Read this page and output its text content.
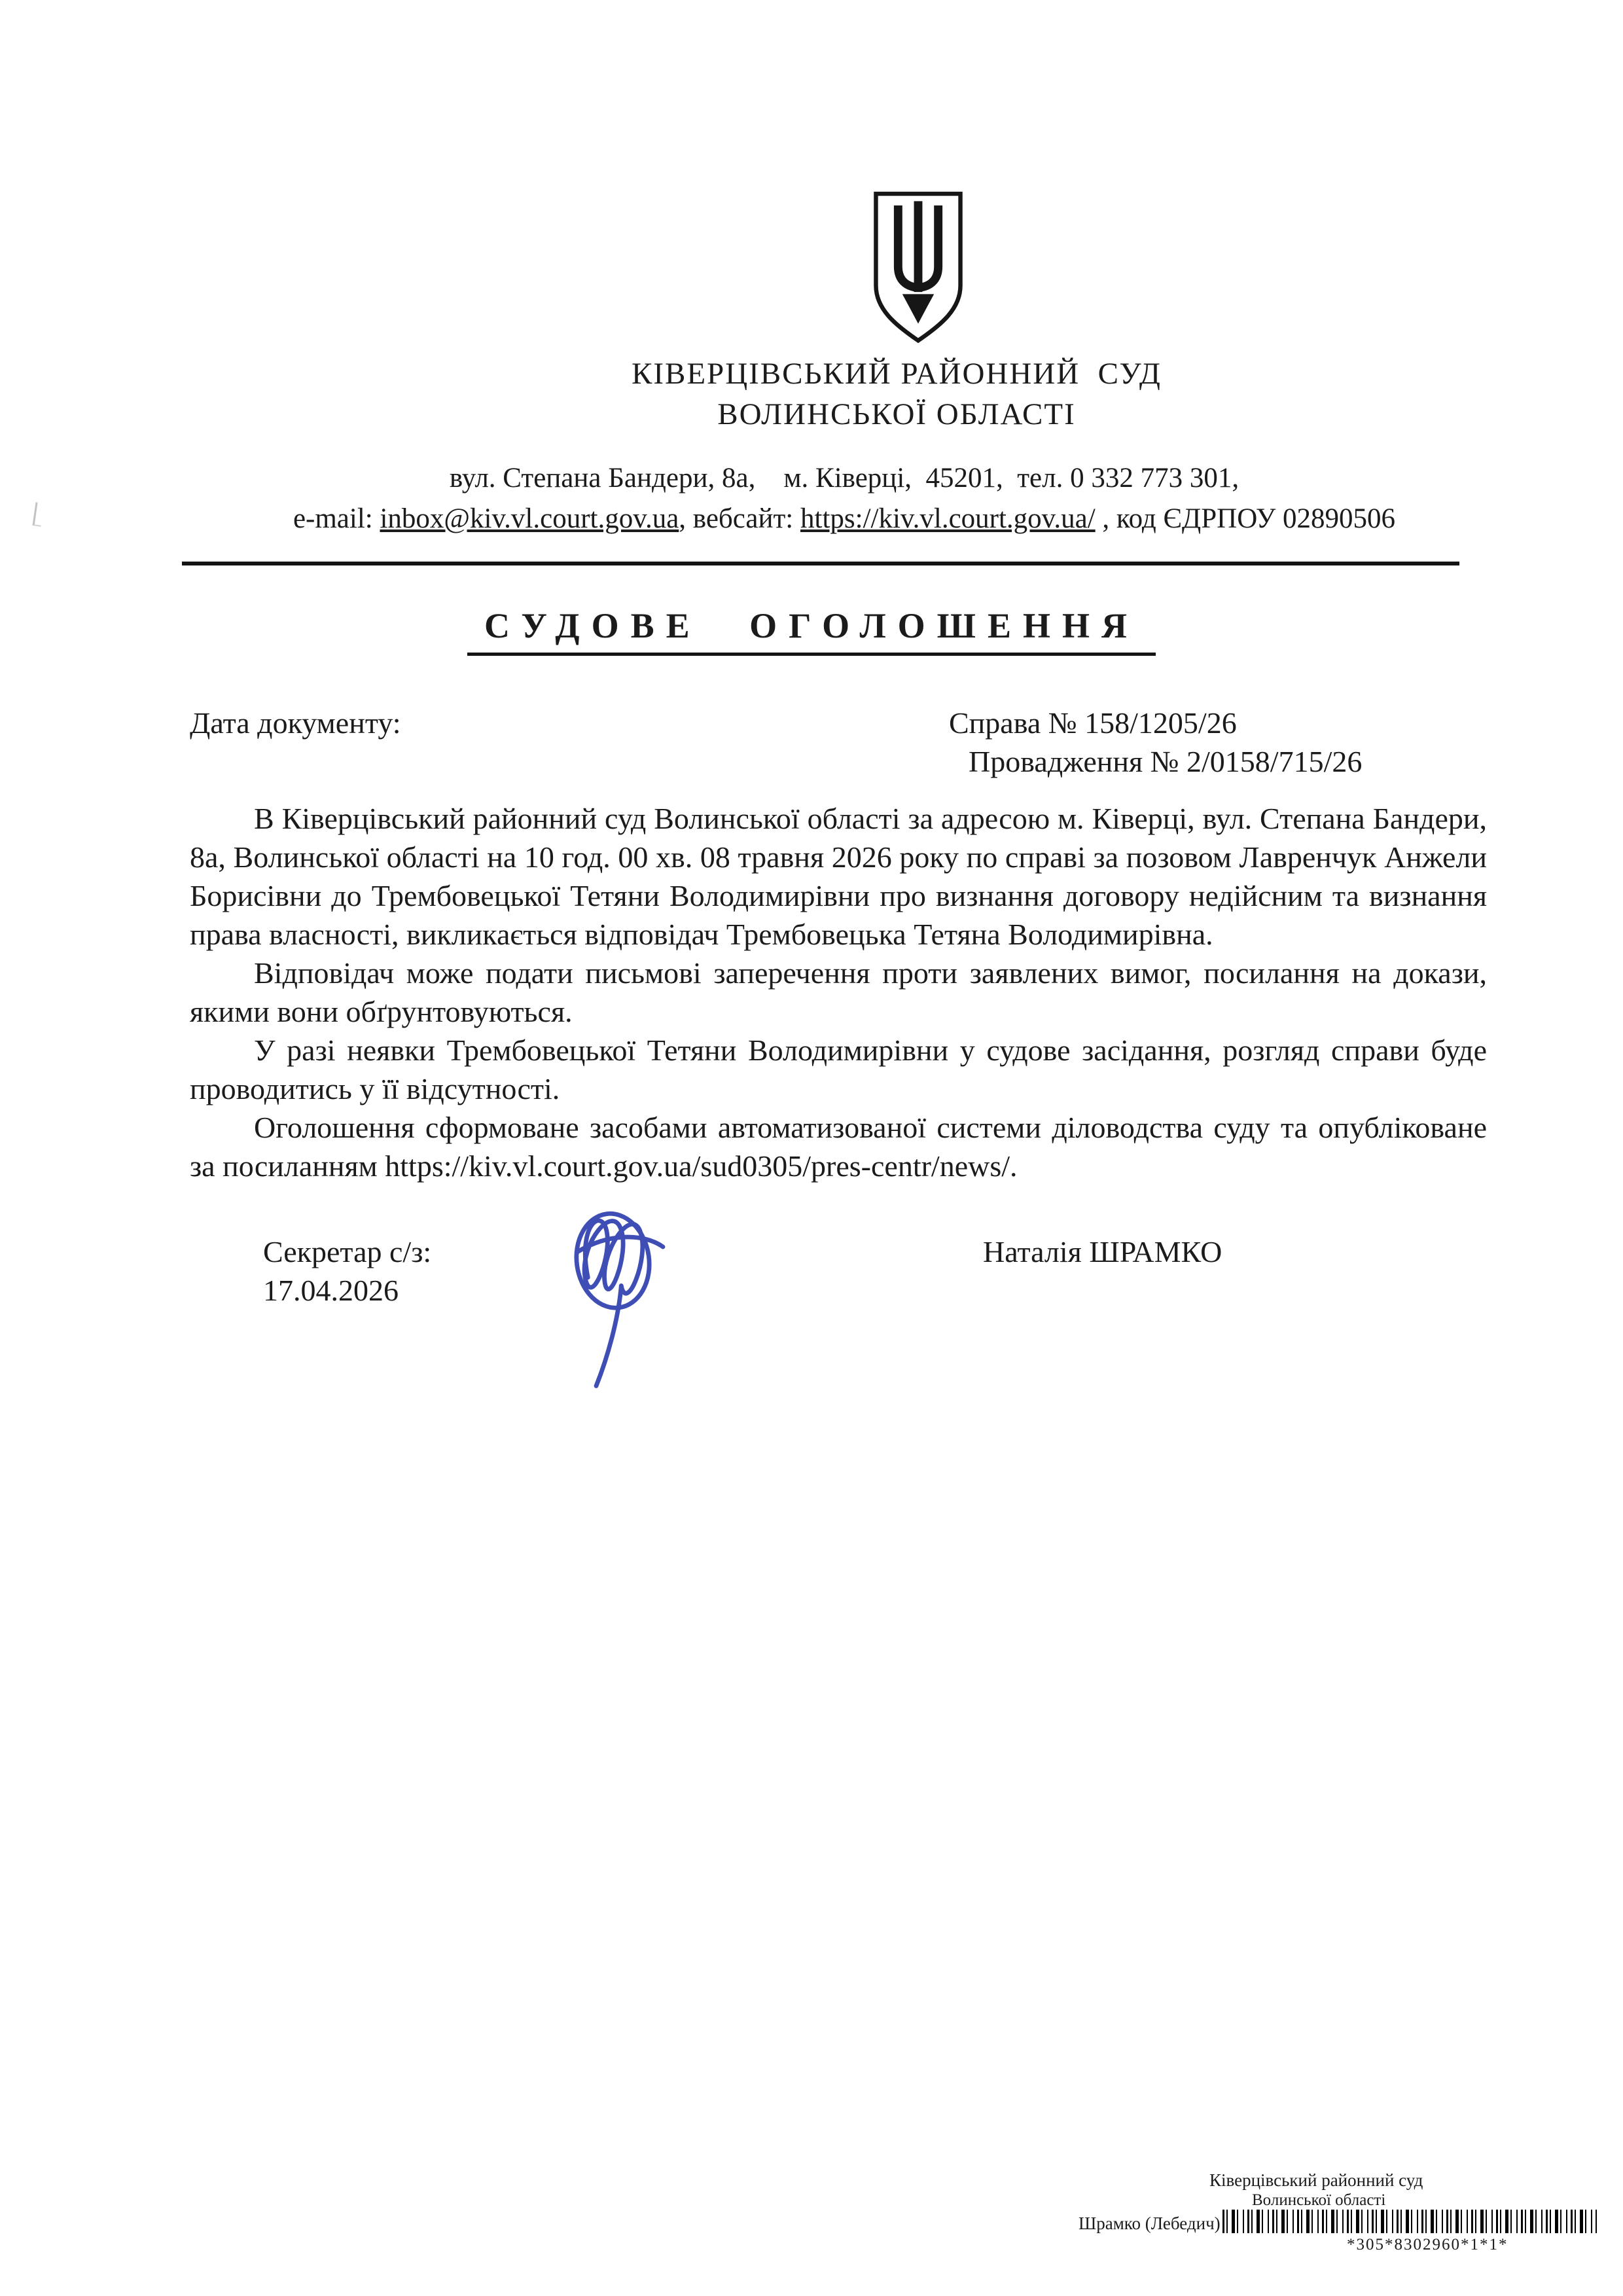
КІВЕРЦІВСЬКИЙ РАЙОННИЙ  СУД
ВОЛИНСЬКОЇ ОБЛАСТІ
вул. Степана Бандери, 8а,    м. Ківерці,  45201,  тел. 0 332 773 301,
e-mail: inbox@kiv.vl.court.gov.ua, вебсайт: https://kiv.vl.court.gov.ua/ , код ЄДРПОУ 02890506
СУДОВЕ ОГОЛОШЕННЯ
Дата документу:	Справа № 158/1205/26
Провадження № 2/0158/715/26

В Ківерцівський районний суд Волинської області за адресою м. Ківерці, вул. Степана Бандери, 8а, Волинської області на 10 год. 00 хв. 08 травня 2026 року по справі за позовом Лавренчук Анжели Борисівни до Трембовецької Тетяни Володимирівни про визнання договору недійсним та визнання права власності, викликається відповідач Трембовецька Тетяна Володимирівна.

Відповідач може подати письмові заперечення проти заявлених вимог, посилання на докази, якими вони обґрунтовуються.

У разі неявки Трембовецької Тетяни Володимирівни у судове засідання, розгляд справи буде проводитись у її відсутності.

Оголошення сформоване засобами автоматизованої системи діловодства суду та опубліковане за посиланням https://kiv.vl.court.gov.ua/sud0305/pres-centr/news/.

Секретар с/з:
17.04.2026
Наталія ШРАМКО
Ківерцівський районний суд
Волинської області
Шрамко (Лебедич)
*305*8302960*1*1*
